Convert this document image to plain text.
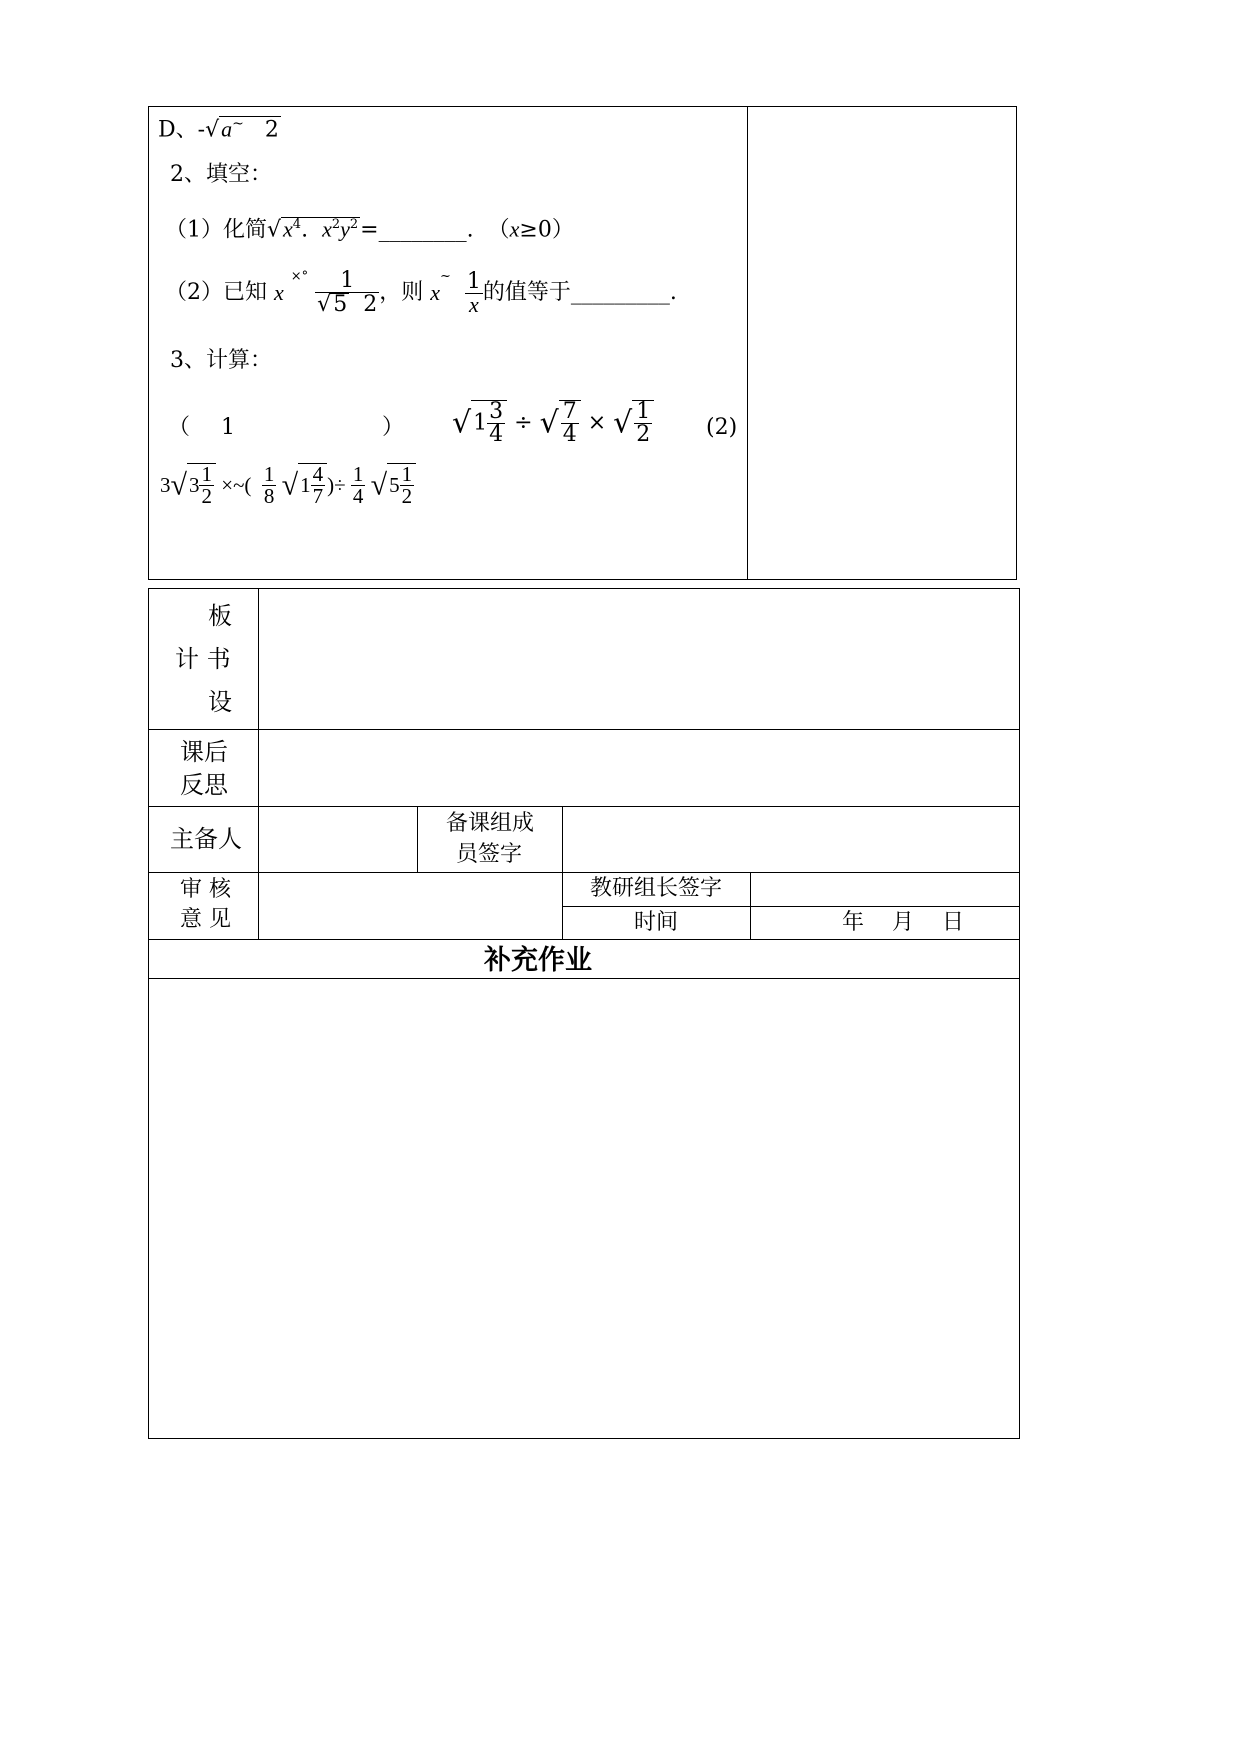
D、-√a~ 2
2、填空：
（1）化简$√x^4$. $x^2y^2=\_\_\_\_\_\_\_\_$. （x≥0）
（2）已知 x $^{\times^\circ} \frac{1}{√5 2}$ ，则 $x^\sim \frac{1}{x}$ 的值等于_________.
3、计算：
（ 1	） $√1 \frac{3}{4}$ ÷ √ $\frac{7}{4}$ × √ $\frac{1}{2} (2)$
$3√3 \frac{1}{2}$ ×~( $\frac{1}{8} √1 \frac{4}{7}$ )÷ $\frac{1}{4} √5 \frac{1}{2}$
板
计 书
设
课后
反思
主备人
备课组成
员签字
审 核
意 见
教研组长签字
时间	年    月    日
补充作业
